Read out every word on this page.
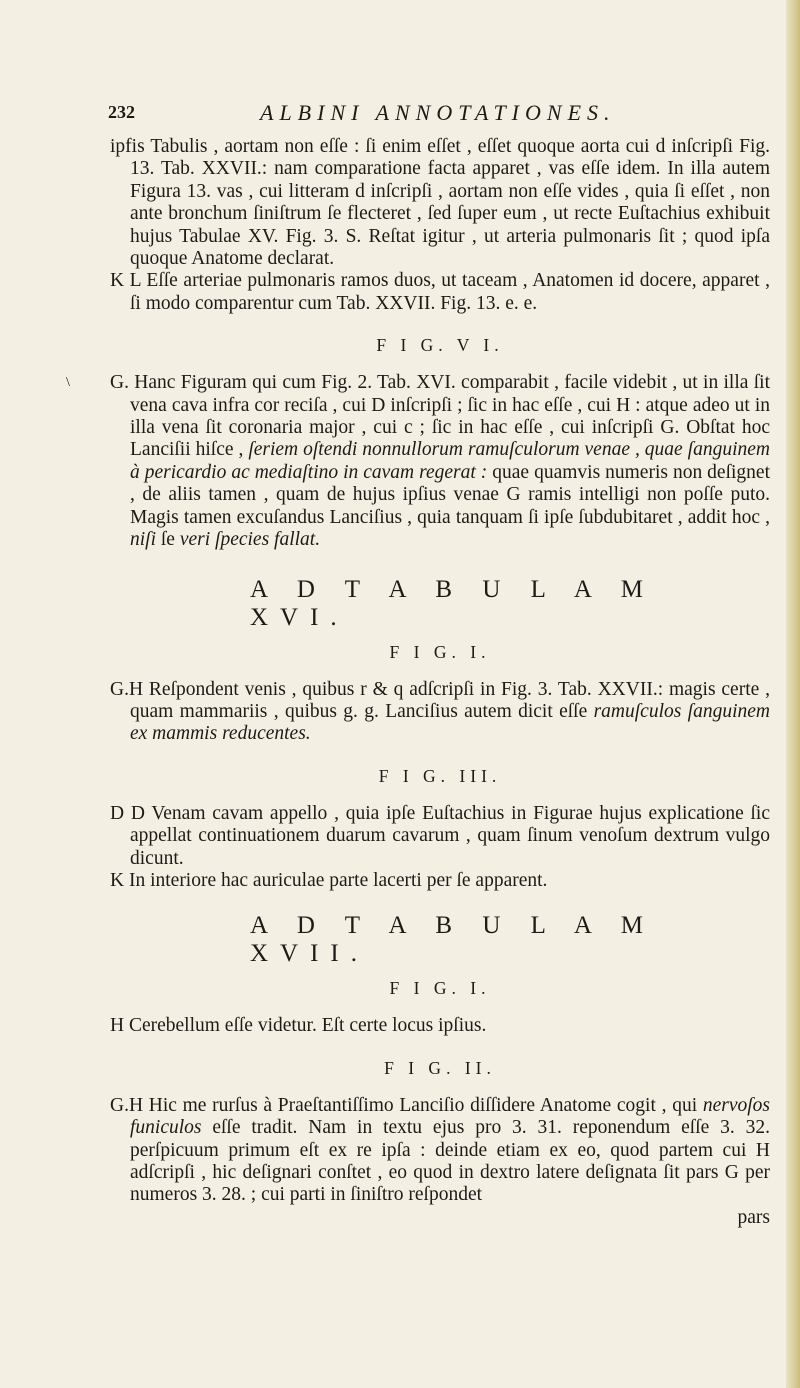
232	ALBINI ANNOTATIONES.

ipfis Tabulis , aortam non eſſe : ſi enim eſſet , eſſet quoque aorta cui d inſcripſi Fig. 13. Tab. XXVII.: nam comparatione facta apparet , vas eſſe idem. In illa autem Figura 13. vas , cui litteram d inſcripſi , aortam non eſſe vides , quia ſi eſſet , non ante bronchum ſiniſtrum ſe flecteret , ſed ſuper eum , ut recte Euſtachius exhibuit hujus Tabulae XV. Fig. 3. S. Reſtat igitur , ut arteria pulmonaris ſit ; quod ipſa quoque Anatome declarat.

K L Eſſe arteriae pulmonaris ramos duos, ut taceam , Anatomen id docere, apparet , ſi modo comparentur cum Tab. XXVII. Fig. 13. e. e.

F I G. V I.

\	G. Hanc Figuram qui cum Fig. 2. Tab. XVI. comparabit , facile videbit , ut in illa ſit vena cava infra cor reciſa , cui D inſcripſi ; ſic in hac eſſe , cui H : atque adeo ut in illa vena ſit coronaria major , cui c ; ſic in hac eſſe , cui inſcripſi G. Obſtat hoc Lanciſii hiſce , ſeriem oſtendi nonnullorum ramuſculorum venae , quae ſanguinem à pericardio ac mediaſtino in cavam regerat : quae quamvis numeris non deſignet , de aliis tamen , quam de hujus ipſius venae G ramis intelligi non poſſe puto. Magis tamen excuſandus Lanciſius , quia tanquam ſi ipſe ſubdubitaret , addit hoc , niſi ſe veri ſpecies fallat.

A D T A B U L A M XVI.
F I G. I.

G.H Reſpondent venis , quibus r & q adſcripſi in Fig. 3. Tab. XXVII.: magis certe , quam mammariis , quibus g. g. Lanciſius autem dicit eſſe ramuſculos ſanguinem ex mammis reducentes.

F I G. III.

D D Venam cavam appello , quia ipſe Euſtachius in Figurae hujus explicatione ſic appellat continuationem duarum cavarum , quam ſinum venoſum dextrum vulgo dicunt.

K In interiore hac auriculae parte lacerti per ſe apparent.

A D T A B U L A M XVII.
F I G. I.

H Cerebellum eſſe videtur. Eſt certe locus ipſius.

F I G. II.

G.H Hic me rurſus à Praeſtantiſſimo Lanciſio diſſidere Anatome cogit , qui nervoſos funiculos eſſe tradit. Nam in textu ejus pro 3. 31. reponendum eſſe 3. 32. perſpicuum primum eſt ex re ipſa : deinde etiam ex eo, quod partem cui H adſcripſi , hic deſignari conſtet , eo quod in dextro latere deſignata ſit pars G per numeros 3. 28. ; cui parti in ſiniſtro reſpondet

pars
